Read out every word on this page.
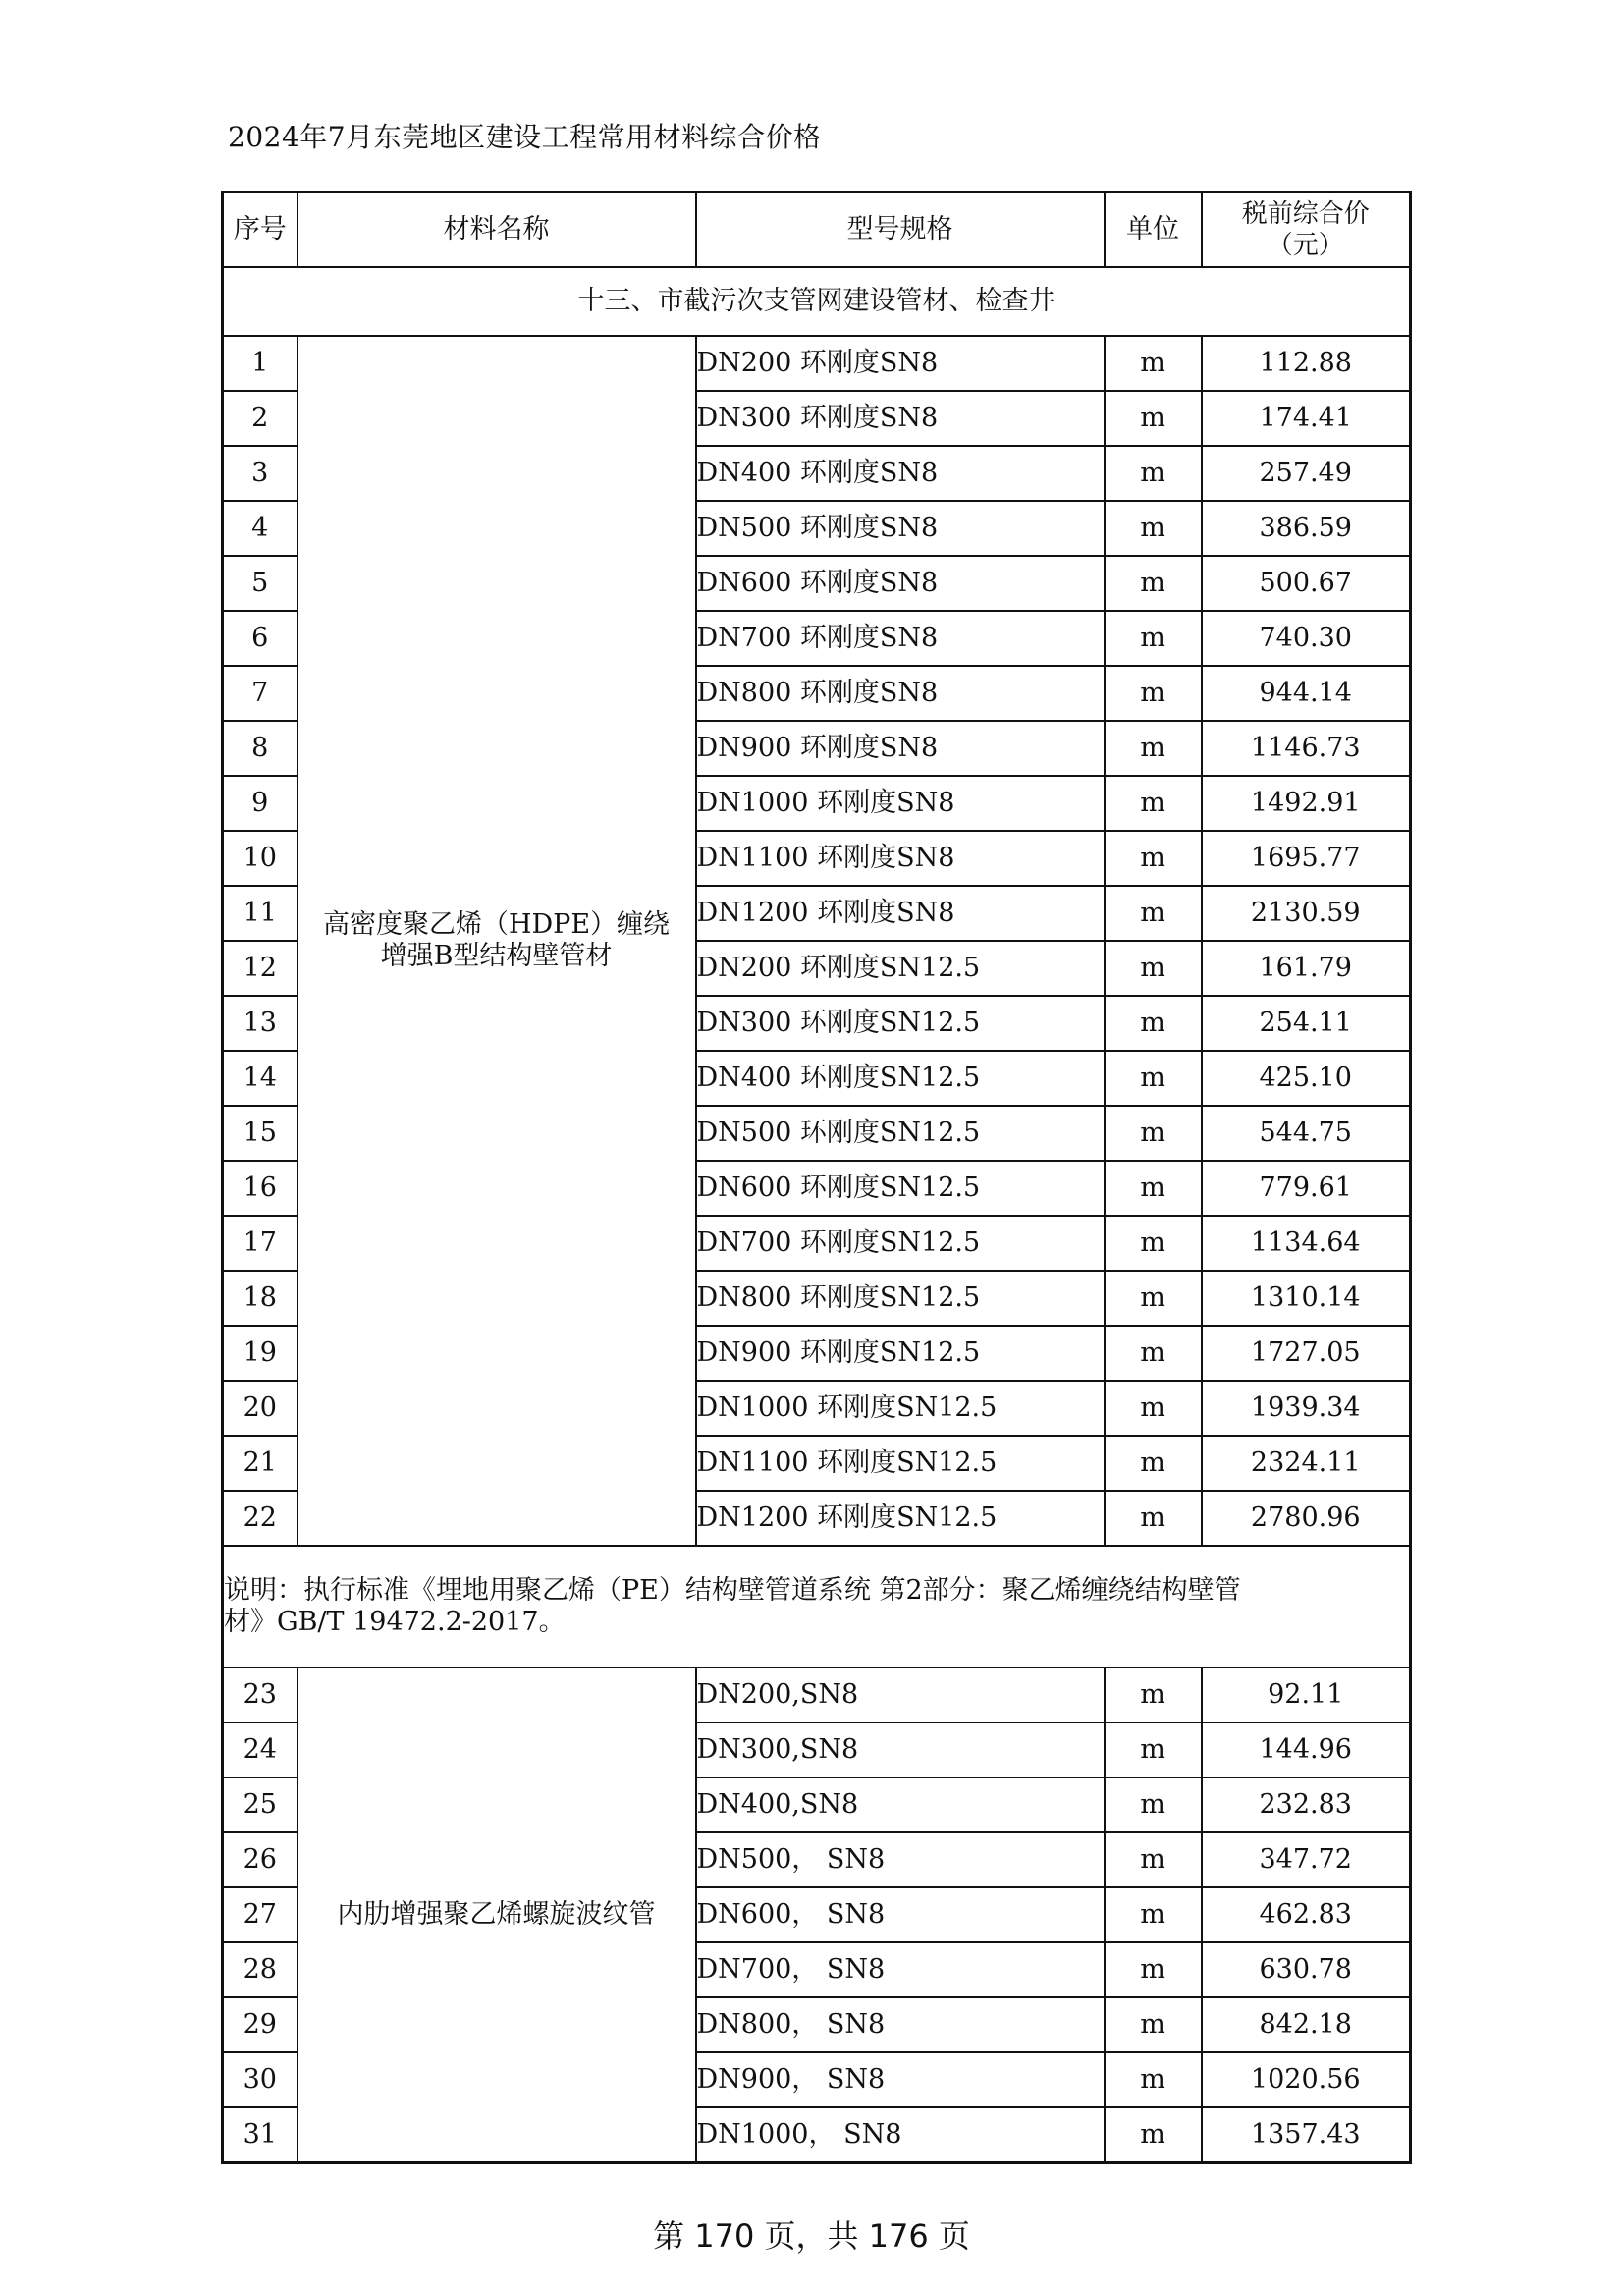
2024年7月东莞地区建设工程常用材料综合价格
序号	材料名称	型号规格	单位	税前综合价
（元）
十三、市截污次支管网建设管材、检查井				
1	高密度聚乙烯（HDPE）缠绕
增强B型结构壁管材	DN200 环刚度SN8	m	112.88
2		DN300 环刚度SN8	m	174.41
3		DN400 环刚度SN8	m	257.49
4		DN500 环刚度SN8	m	386.59
5		DN600 环刚度SN8	m	500.67
6		DN700 环刚度SN8	m	740.30
7		DN800 环刚度SN8	m	944.14
8		DN900 环刚度SN8	m	1146.73
9		DN1000 环刚度SN8	m	1492.91
10		DN1100 环刚度SN8	m	1695.77
11		DN1200 环刚度SN8	m	2130.59
12		DN200 环刚度SN12.5	m	161.79
13		DN300 环刚度SN12.5	m	254.11
14		DN400 环刚度SN12.5	m	425.10
15		DN500 环刚度SN12.5	m	544.75
16		DN600 环刚度SN12.5	m	779.61
17		DN700 环刚度SN12.5	m	1134.64
18		DN800 环刚度SN12.5	m	1310.14
19		DN900 环刚度SN12.5	m	1727.05
20		DN1000 环刚度SN12.5	m	1939.34
21		DN1100 环刚度SN12.5	m	2324.11
22		DN1200 环刚度SN12.5	m	2780.96
说明：执行标准《埋地用聚乙烯（PE）结构壁管道系统 第2部分：聚乙烯缠绕结构壁管
材》GB/T 19472.2-2017。				
23	内肋增强聚乙烯螺旋波纹管	DN200,SN8	m	92.11
24		DN300,SN8	m	144.96
25		DN400,SN8	m	232.83
26		DN500， SN8	m	347.72
27		DN600， SN8	m	462.83
28		DN700， SN8	m	630.78
29		DN800， SN8	m	842.18
30		DN900， SN8	m	1020.56
31		DN1000， SN8	m	1357.43
第 170 页，共 176 页
